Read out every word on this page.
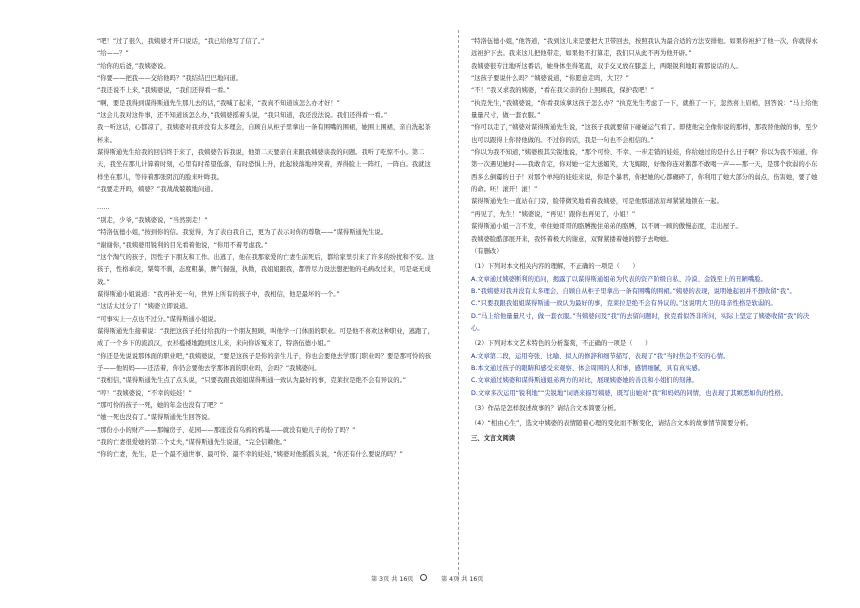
“吧！”过了很久，我姨婆才开口说话，“我已给他写了信了。”

“给——？”

“给你的后爸，”我姨婆说。

“你要——把我——交给他吗？”我结结巴巴地问道。

“我还说不上来，”我姨婆说，“我们还得看一看。”

“啊，要是我得到谋得斯通先生那儿去的话，”我喊了起来，“我真不知道该怎么办才好！”

“这会儿我对这件事，还不知道该怎么办，”我姨婆摇着头说，“我只知道，我还没法说。我们还得看一看。”

我一听这话，心都凉了，我姨婆对我并没有太多理会，自顾自从柜子里拿出一条有围嘴的围裙，她围上围裙，亲自洗起茶杯来。

谋得斯通先生给我的回信终于来了，我姨婆告诉我说，他第二天要亲自来跟我姨婆谈我的问题。我听了吃惊不小。第二天，我坐在那儿计算着时刻，心里有时希望低落，有时恐惧上升，此起彼落地冲突着，弄得脸上一阵红，一阵白。我就这样坐在那儿，等待着那张阴沉的脸来叶眸我。

“我要走开吗，姨婆？”我战战兢兢地问道。

……

“别走，少爷，”我姨婆说，“当然别走！”

“特洛伍德小姐，”按到你的信。我觉得，为了表白我自己，更为了表示对你的尊敬——”谋得斯通先生说。

“谢谢你，”我姨婆用锐利的目光看着他说，“你用不着考虑我。”

“这个淘气的孩子，因性子下朋友和工作。出逃了，他在我那家爱的亡妻生前死后，都给家里引来了许多的纷扰和不安。这孩子，性格乖戾，桀骜不驯，态度粗暴，脾气倔强，执拗，我姐姐跟我，都曾尽力设法想把他的毛病改过来，可是毫无成效。”

谋得斯通小姐说道：“我再补充一句，世界上所有的孩子中，我相信，他是最坏的一个。”

“这话太过分了！”姨婆立即说道。

“可事实上一点也不过分。”谋得斯通小姐说。

谋得斯通先生接着说：“我把这孩子托付给我的一个朋友照顾，叫他学一门体面的职业。可是他不喜欢这种职业，逃跑了，成了一个乡下的流浪汉，衣衫褴褛地跑到这儿来，来向你诉冤来了，特洛伍德小姐。”

“你还是先说说那体面的职业吧，”我姨婆说，“要是这孩子是你的亲生儿子，你也会要他去学那门职业吗？要是那可怜的孩子——他妈妈——还活着，你仍会要他去学那体面的职业吗，会吗？”我姨婆问。

“我相信，”谋得斯通先生点了点头说，“只要我跟我姐姐谋得斯通一致认为最好的事，克莱拉是绝不会有异议的。”

“哼！”我姨婆说，“不幸的娃娃！”

“那可怜的孩子一死，她的年金也没有了吧？”

“她一死也没有了。”谋得斯通先生回答说。

“那份小小的财产——那幢房子、花园——那座没有乌鸦的鸦巢——就没有她儿子的份了吗？”

“我的亡妻很爱她的第二个丈夫，”谋得斯通先生说道，“完全信赖他。”

“你的亡妻，先生，是一个最不通世事、最可怜、最不幸的娃娃，”姨婆对他摇摇头说，“你还有什么要说的吗？”

“特洛伍德小姐，”他答道，“我到这儿来是要把大卫带回去，按照我认为最合适的方法安排他。如果你袒护了他一次，你就得永远袒护下去。我来这儿把他带走，如果他不打算走，我们只从此不再为他开辟。”

我姨婆很专注地听这番话，她身体坐得笔直，双手交叉放在膝盖上，两眼锐利地盯着那说话的人。

“这孩子要说什么吗？”姨婆说道，“你愿意走吗，大卫？”

“不！”我又求我的姨婆，“看在我父亲的份上照顾我，保护我吧！”

“执克先生，”我姨婆说，“你看我该拿这孩子怎么办？”执克先生考虑了一下，就推了一下，忽然喜上眉梢，回答说：“马上给他量量尺寸，做一套衣服。”

“你可以走了，”姨婆对谋得斯通先生说，“这孩子我就要留下碰碰运气看了。即使他完全像你说的那样，那我替他做的事，至少也可以跟得上你替他做的。不过你的话，我是一句也不会相信的。”

“你以为我不知道，”姨婆极其尖锐地说，“那个可怜、不幸、一步走错的娃娃，你给她过的是什么日子啊？你以为我不知道，你第一次遇见她时——我敢肯定，你对她一定大送媚笑，大飞媚眼，好像你连对鹅都不敢喝一声——那一天，是那个软弱的小东西多么倒霉的日子！对那个单纯的娃娃来说，你是个暴君，你把她的心都碾碎了，你利用了她大部分的弱点，伤害她，要了她的命。呸！滚开！滚！”

谋得斯通先生一直站在门旁，脸带微笑地看着我姨婆，可是他那道浓眉却紧紧地锁在一起。

“再见了，先生！”姨婆说，“再见！跟你也再见了，小姐！”

谋得斯通小姐一言不发，牵住她哥哥的胳膊挽住弟弟的胳膊，以不屑一顾的傲慢态度，走出屋子。

我姨婆脸酷部展开来，我怀着极大的谢意，双臂紧搂着她的脖子去吻她。

（有删改）

（1）下列对本文相关内容的理解，不正确的一项是（　　）

A.文章通过姨婆断利的追问，揭露了以谋得斯通姐弟为代表的资产阶级自私、冷漠、金钱至上的丑陋嘴脸。

B.“我姨婆对我并没有太多理会，自顾自从柜子里拿出一条有围嘴的围裙。”姨婆的表现，说明她起初并不想收留“我”。

C.“只要我跟我姐姐谋得斯通一致认为最好的事，克莱拉是绝不会有异议的。”这说明大卫的母亲性格是软弱的。

D.“马上给他量量尺寸，做一套衣服。”当姨婆问及“我”的去留问题时，狄克看似答非所问，实际上坚定了姨婆收留“我”的决心。

（2）下列对本文艺术特色的分析鉴赏，不正确的一项是（　　）

A.文章第二段，运用夸张、比喻、拟人的修辞和细节描写，表现了“我”当时焦急不安的心情。

B.本文通过孩子的眼睛和感受来观察、体会周围的人和事，感情细腻，具有真实感。

C.文章通过姨婆和谋得斯通姐弟两方的对比，展现姨婆她的善良和小姐们的刻薄。

D.文章多次运用“锐利地”“尖锐地”词语来描写姨婆，既写出她对“我”和妈妈的同情，也表现了其嫉恶如仇的性格。

（3）作品是怎样叙述故事的？请结合文本简要分析。

（4）“相由心生”，选文中姨婆的表情随着心理的变化而不断变化，请结合文本的故事情节简要分析。

三、文言文阅读

第 3页 共 16页	第 4页 共 16页
